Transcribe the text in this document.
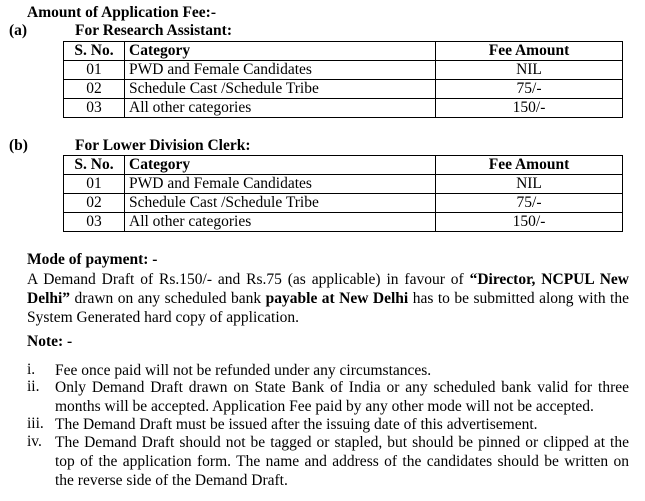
Amount of Application Fee:-
(a)	For Research Assistant:
S. No.	Category	Fee Amount
01	PWD and Female Candidates	NIL
02	Schedule Cast /Schedule Tribe	75/-
03	All other categories	150/-
(b)	For Lower Division Clerk:
S. No.	Category	Fee Amount
01	PWD and Female Candidates	NIL
02	Schedule Cast /Schedule Tribe	75/-
03	All other categories	150/-
Mode of payment: -
A Demand Draft of Rs.150/- and Rs.75 (as applicable) in favour of “Director, NCPUL New Delhi” drawn on any scheduled bank payable at New Delhi has to be submitted along with the System Generated hard copy of application.
Note: -
i.	Fee once paid will not be refunded under any circumstances.
ii.	Only Demand Draft drawn on State Bank of India or any scheduled bank valid for three months will be accepted. Application Fee paid by any other mode will not be accepted.
iii. The Demand Draft must be issued after the issuing date of this advertisement.
iv. The Demand Draft should not be tagged or stapled, but should be pinned or clipped at the top of the application form. The name and address of the candidates should be written on the reverse side of the Demand Draft.
